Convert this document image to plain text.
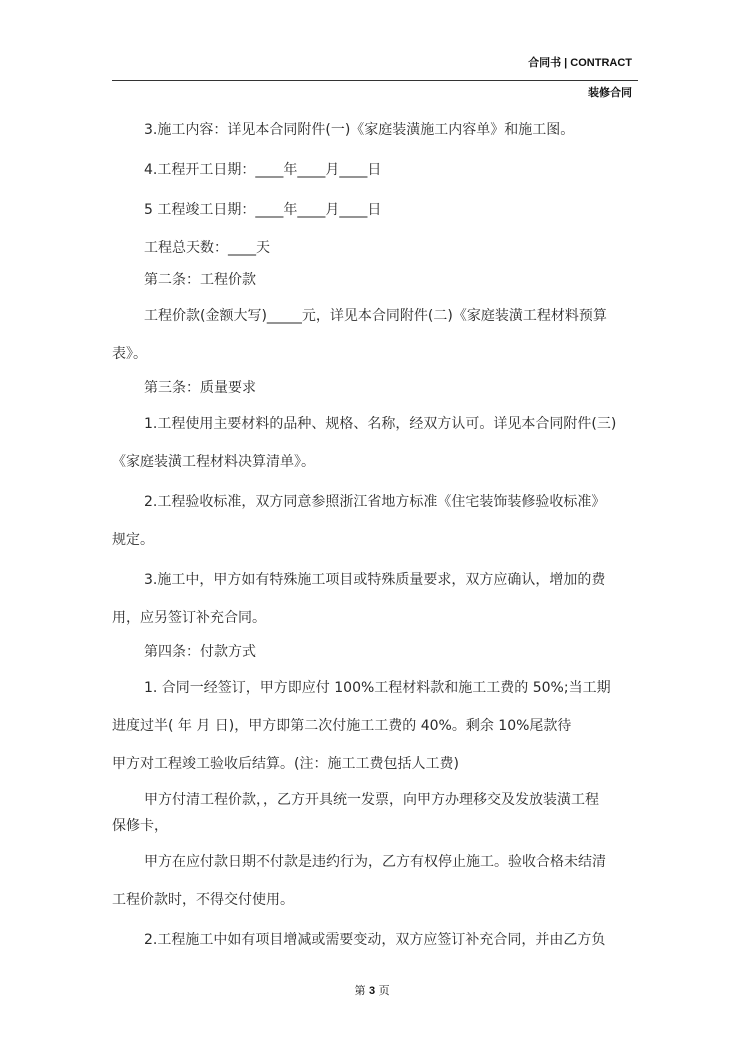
合同书 | CONTRACT
装修合同
3.施工内容：详见本合同附件(一)《家庭装潢施工内容单》和施工图。
4.工程开工日期：____年____月____日
5 工程竣工日期：____年____月____日
工程总天数：____天
第二条：工程价款
工程价款(金额大写)_____元，详见本合同附件(二)《家庭装潢工程材料预算
表》。
第三条：质量要求
1.工程使用主要材料的品种、规格、名称，经双方认可。详见本合同附件(三)
《家庭装潢工程材料决算清单》。
2.工程验收标准，双方同意参照浙江省地方标准《住宅装饰装修验收标准》
规定。
3.施工中，甲方如有特殊施工项目或特殊质量要求，双方应确认，增加的费
用，应另签订补充合同。
第四条：付款方式
1. 合同一经签订，甲方即应付 100%工程材料款和施工工费的 50%;当工期
进度过半( 年 月 日)，甲方即第二次付施工工费的 40%。剩余 10%尾款待
甲方对工程竣工验收后结算。(注：施工工费包括人工费)
甲方付清工程价款，，乙方开具统一发票，向甲方办理移交及发放装潢工程
保修卡，
甲方在应付款日期不付款是违约行为，乙方有权停止施工。验收合格未结清
工程价款时，不得交付使用。
2.工程施工中如有项目增减或需要变动，双方应签订补充合同，并由乙方负
第 3 页
